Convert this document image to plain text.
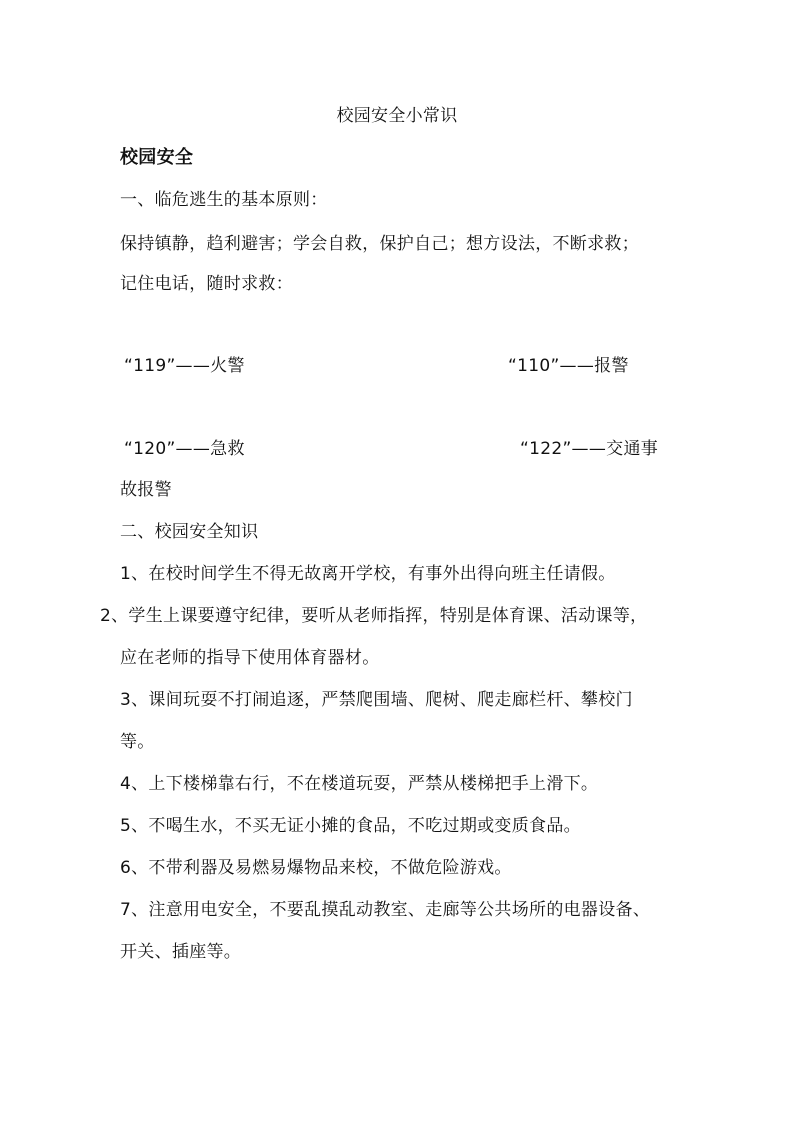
校园安全小常识
校园安全
一、临危逃生的基本原则：
保持镇静，趋利避害；学会自救，保护自己；想方设法，不断求救；
记住电话，随时求救：
“119”——火警	“110”——报警
“120”——急救	“122”——交通事
故报警
二、校园安全知识
1、在校时间学生不得无故离开学校，有事外出得向班主任请假。
2、学生上课要遵守纪律，要听从老师指挥，特别是体育课、活动课等，
应在老师的指导下使用体育器材。
3、课间玩耍不打闹追逐，严禁爬围墙、爬树、爬走廊栏杆、攀校门
等。
4、上下楼梯靠右行，不在楼道玩耍，严禁从楼梯把手上滑下。
5、不喝生水，不买无证小摊的食品，不吃过期或变质食品。
6、不带利器及易燃易爆物品来校，不做危险游戏。
7、注意用电安全，不要乱摸乱动教室、走廊等公共场所的电器设备、
开关、插座等。
